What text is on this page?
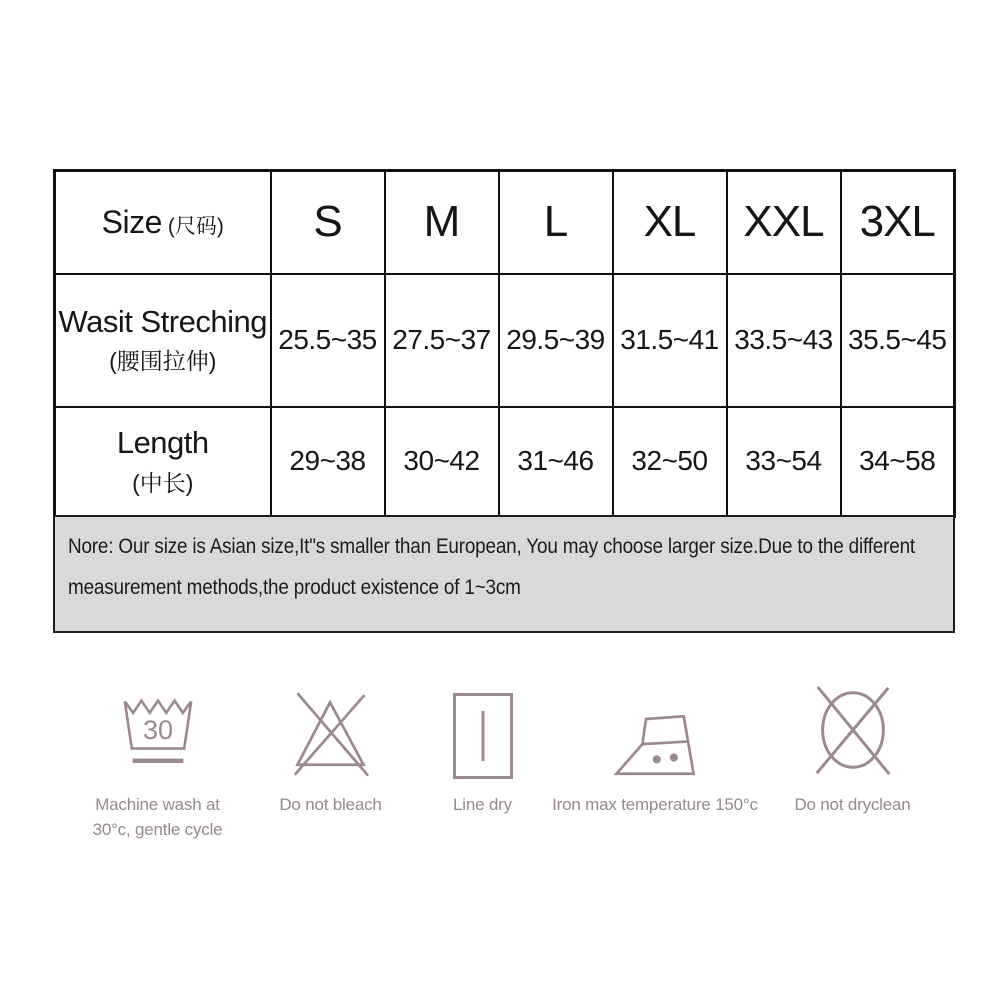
Size (尺码)	S	M	L	XL	XXL	3XL

Wasit Streching
(腰围拉伸)	25.5~35	27.5~37	29.5~39	31.5~41	33.5~43	35.5~45

Length
(中长)	29~38	30~42	31~46	32~50	33~54	34~58
Nore: Our size is Asian size,It"s smaller than European, You may choose larger size.Due to the different
measurement methods,the product existence of 1~3cm
30
Machine wash at
30°c, gentle cycle
Do not bleach	Line dry	Iron max temperature 150°c	Do not dryclean
